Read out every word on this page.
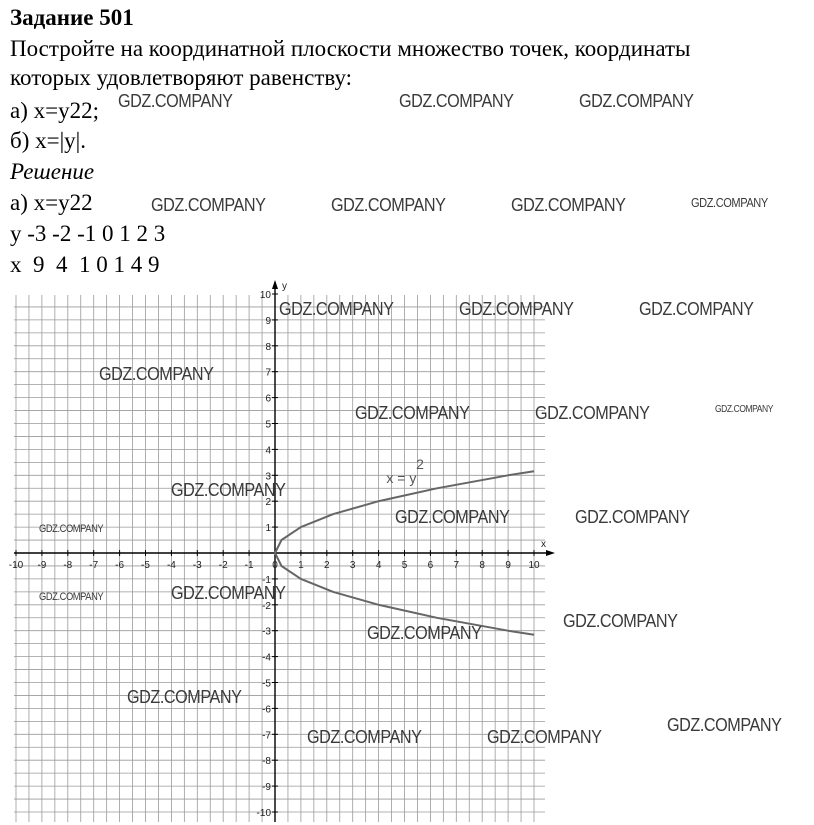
Задание 501
Постройте на координатной плоскости множество точек, координаты
которых удовлетворяют равенству:
а) x=y22;
б) x=|y|.
Решение
а) x=y22
y -3 -2 -1 0 1 2 3
x  9  4  1 0 1 4 9
x
y
-10 -9 -8 -7 -6 -5 -4 -3 -2 -1 0 1 2 3 4 5 6 7 8 9 10
-10
-9
-8
-7
-6
-5
-4
-3
-2
-1
1
2
3
4
5
6
7
8
9
10
x = y
2
GDZ.COMPANY	GDZ.COMPANY	GDZ.COMPANY
GDZ.COMPANY	GDZ.COMPANY	GDZ.COMPANY	GDZ.COMPANY
GDZ.COMPANY	GDZ.COMPANY	GDZ.COMPANY
GDZ.COMPANY
GDZ.COMPANY	GDZ.COMPANY	GDZ.COMPANY
GDZ.COMPANY
GDZ.COMPANY	GDZ.COMPANY
GDZ.COMPANY
GDZ.COMPANY	GDZ.COMPANY
GDZ.COMPANY
GDZ.COMPANY
GDZ.COMPANY
GDZ.COMPANY
GDZ.COMPANY	GDZ.COMPANY
